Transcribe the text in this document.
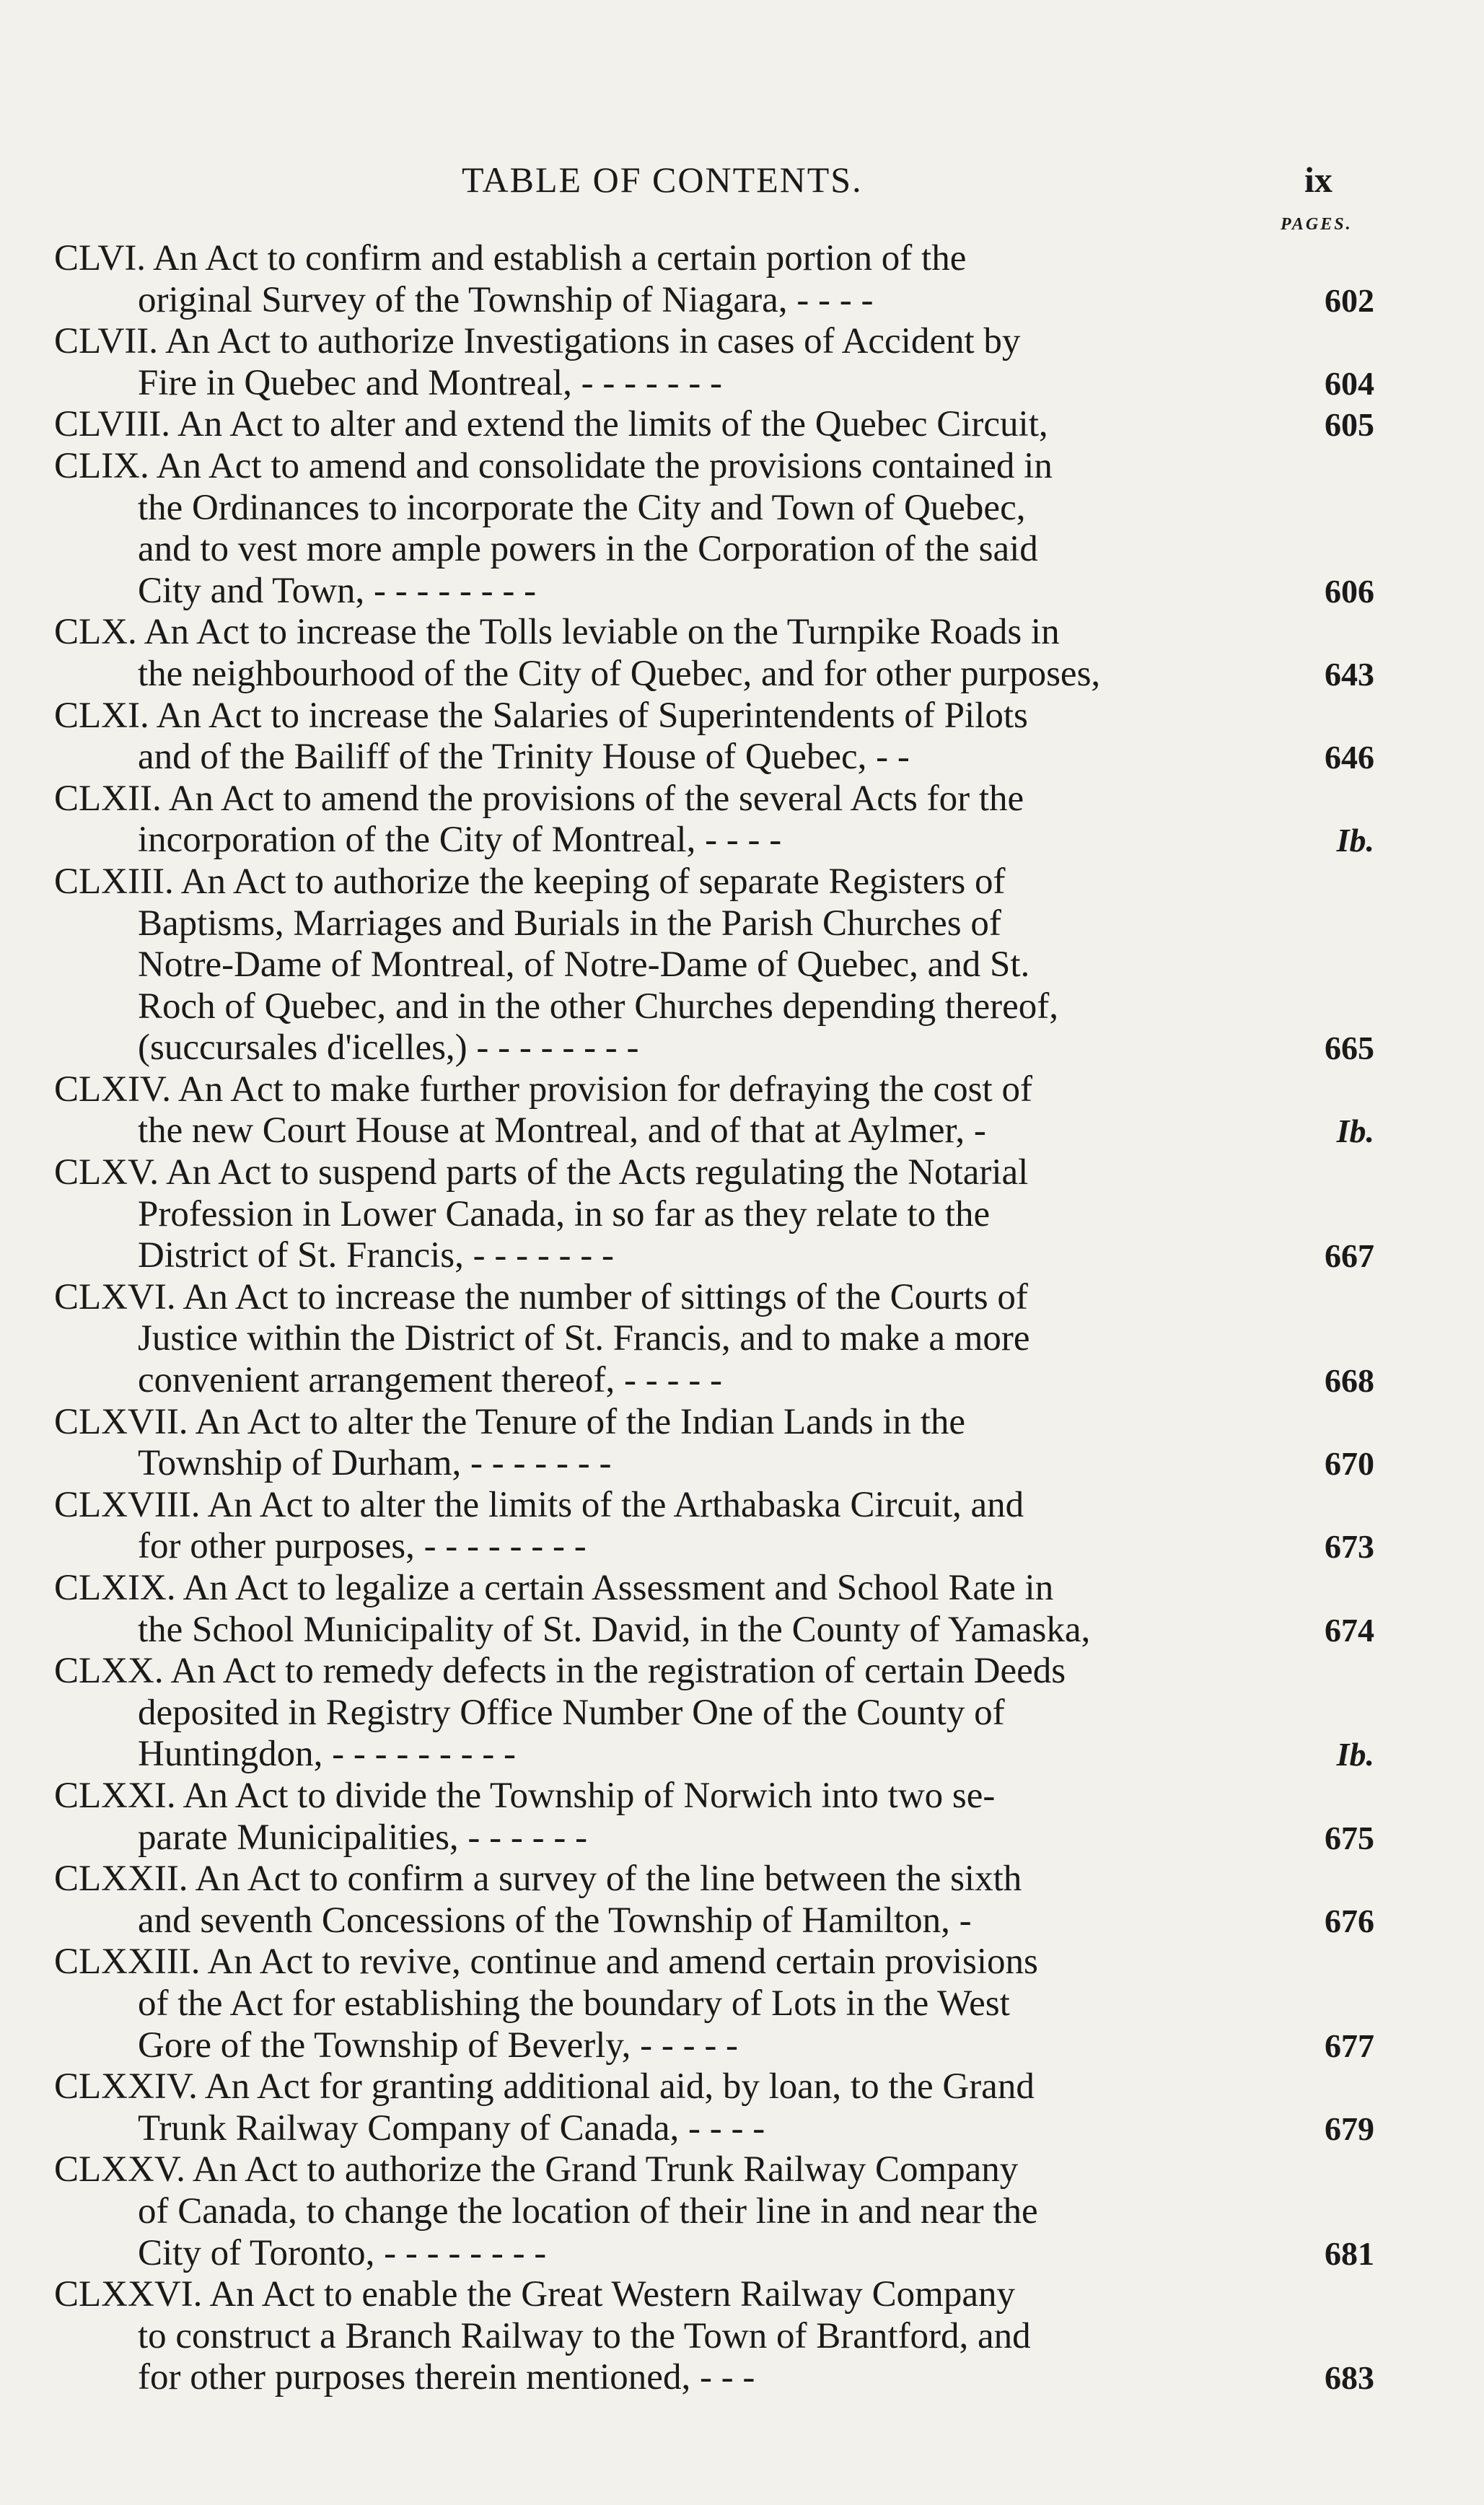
TABLE OF CONTENTS.	ix
PAGES.
CLVI. An Act to confirm and establish a certain portion of the
original Survey of the Township of Niagara, - - - -	602
CLVII. An Act to authorize Investigations in cases of Accident by
Fire in Quebec and Montreal, - - - - - - -	604
CLVIII. An Act to alter and extend the limits of the Quebec Circuit,	605
CLIX. An Act to amend and consolidate the provisions contained in
the Ordinances to incorporate the City and Town of Quebec,
and to vest more ample powers in the Corporation of the said
City and Town, - - - - - - - -	606
CLX. An Act to increase the Tolls leviable on the Turnpike Roads in
the neighbourhood of the City of Quebec, and for other purposes,	643
CLXI. An Act to increase the Salaries of Superintendents of Pilots
and of the Bailiff of the Trinity House of Quebec, - -	646
CLXII. An Act to amend the provisions of the several Acts for the
incorporation of the City of Montreal, - - - -	Ib.
CLXIII. An Act to authorize the keeping of separate Registers of
Baptisms, Marriages and Burials in the Parish Churches of
Notre-Dame of Montreal, of Notre-Dame of Quebec, and St.
Roch of Quebec, and in the other Churches depending thereof,
(succursales d'icelles,) - - - - - - - -	665
CLXIV. An Act to make further provision for defraying the cost of
the new Court House at Montreal, and of that at Aylmer, -	Ib.
CLXV. An Act to suspend parts of the Acts regulating the Notarial
Profession in Lower Canada, in so far as they relate to the
District of St. Francis, - - - - - - -	667
CLXVI. An Act to increase the number of sittings of the Courts of
Justice within the District of St. Francis, and to make a more
convenient arrangement thereof, - - - - -	668
CLXVII. An Act to alter the Tenure of the Indian Lands in the
Township of Durham, - - - - - - -	670
CLXVIII. An Act to alter the limits of the Arthabaska Circuit, and
for other purposes, - - - - - - - -	673
CLXIX. An Act to legalize a certain Assessment and School Rate in
the School Municipality of St. David, in the County of Yamaska,	674
CLXX. An Act to remedy defects in the registration of certain Deeds
deposited in Registry Office Number One of the County of
Huntingdon, - - - - - - - - -	Ib.
CLXXI. An Act to divide the Township of Norwich into two se-
parate Municipalities, - - - - - -	675
CLXXII. An Act to confirm a survey of the line between the sixth
and seventh Concessions of the Township of Hamilton, -	676
CLXXIII. An Act to revive, continue and amend certain provisions
of the Act for establishing the boundary of Lots in the West
Gore of the Township of Beverly, - - - - -	677
CLXXIV. An Act for granting additional aid, by loan, to the Grand
Trunk Railway Company of Canada, - - - -	679
CLXXV. An Act to authorize the Grand Trunk Railway Company
of Canada, to change the location of their line in and near the
City of Toronto, - - - - - - - -	681
CLXXVI. An Act to enable the Great Western Railway Company
to construct a Branch Railway to the Town of Brantford, and
for other purposes therein mentioned, - - -	683
